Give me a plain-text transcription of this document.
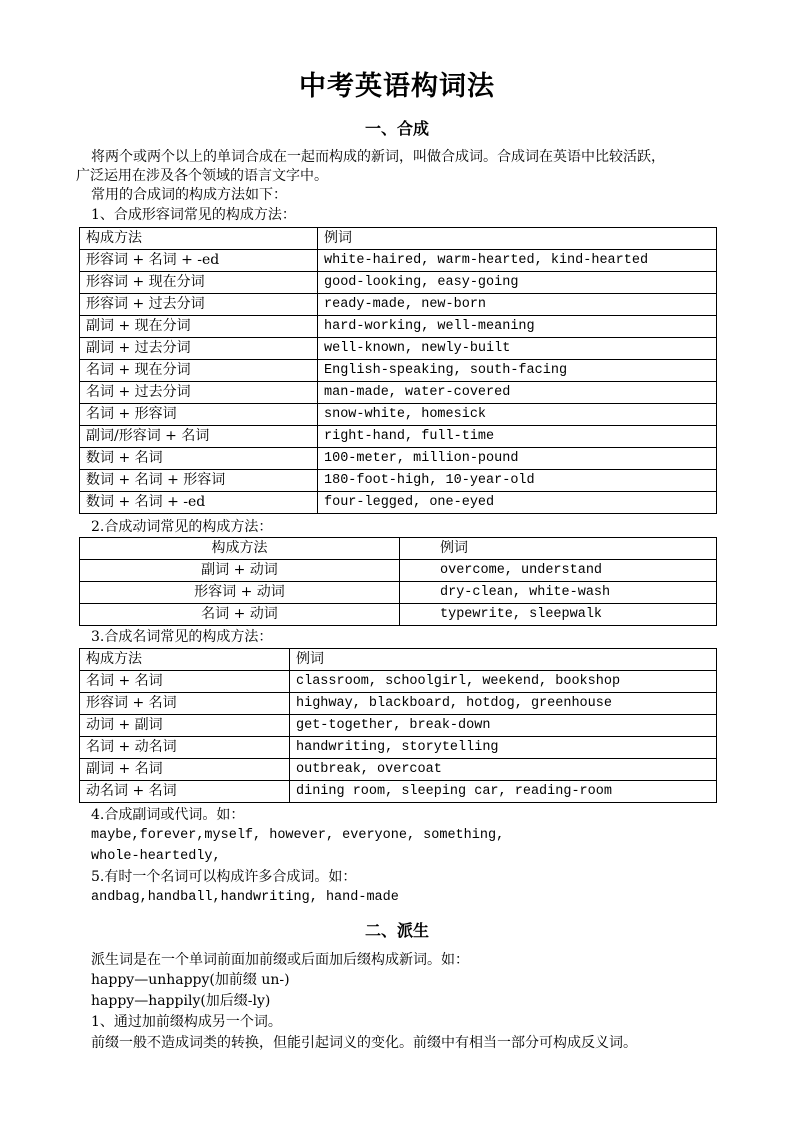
中考英语构词法
一、合成
将两个或两个以上的单词合成在一起而构成的新词，叫做合成词。合成词在英语中比较活跃，
广泛运用在涉及各个领域的语言文字中。
常用的合成词的构成方法如下：
1、合成形容词常见的构成方法：
构成方法	例词
形容词 + 名词 + -ed	white-haired, warm-hearted, kind-hearted
形容词 + 现在分词	good-looking, easy-going
形容词 + 过去分词	ready-made, new-born
副词 + 现在分词	hard-working, well-meaning
副词 + 过去分词	well-known, newly-built
名词 + 现在分词	English-speaking, south-facing
名词 + 过去分词	man-made, water-covered
名词 + 形容词	snow-white, homesick
副词/形容词 + 名词	right-hand, full-time
数词 + 名词	100-meter, million-pound
数词 + 名词 + 形容词	180-foot-high, 10-year-old
数词 + 名词 + -ed	four-legged, one-eyed
2.合成动词常见的构成方法：
构成方法	例词
副词 + 动词	overcome, understand
形容词 + 动词	dry-clean, white-wash
名词 + 动词	typewrite, sleepwalk
3.合成名词常见的构成方法：
构成方法	例词
名词 + 名词	classroom, schoolgirl, weekend, bookshop
形容词 + 名词	highway, blackboard, hotdog, greenhouse
动词 + 副词	get-together, break-down
名词 + 动名词	handwriting, storytelling
副词 + 名词	outbreak, overcoat
动名词 + 名词	dining room, sleeping car, reading-room
4.合成副词或代词。如：
maybe,forever,myself, however, everyone, something,
whole-heartedly,
5.有时一个名词可以构成许多合成词。如：
andbag,handball,handwriting, hand-made
二、派生
派生词是在一个单词前面加前缀或后面加后缀构成新词。如：
happy—unhappy(加前缀 un-)
happy—happily(加后缀-ly)
1、通过加前缀构成另一个词。
前缀一般不造成词类的转换，但能引起词义的变化。前缀中有相当一部分可构成反义词。
